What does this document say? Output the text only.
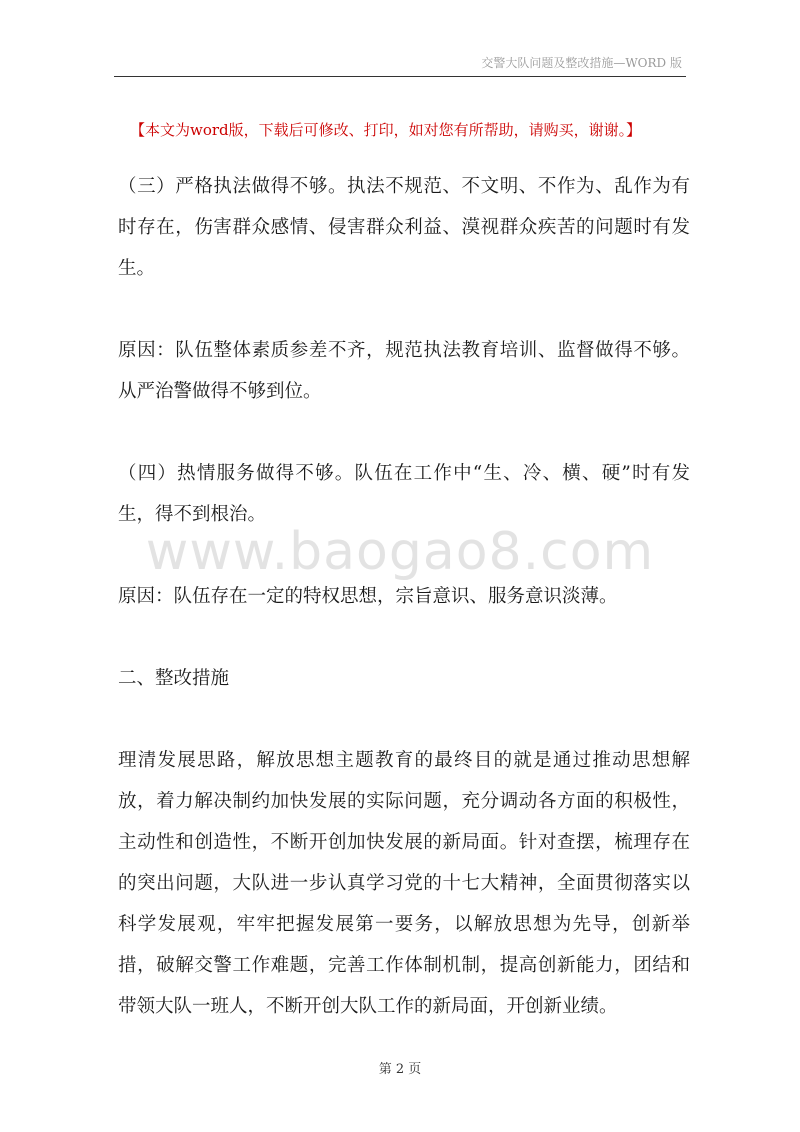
交警大队问题及整改措施—WORD 版
【本文为word版，下载后可修改、打印，如对您有所帮助，请购买，谢谢。】

（三）严格执法做得不够。执法不规范、不文明、不作为、乱作为有时存在，伤害群众感情、侵害群众利益、漠视群众疾苦的问题时有发生。

原因：队伍整体素质参差不齐，规范执法教育培训、监督做得不够。从严治警做得不够到位。

（四）热情服务做得不够。队伍在工作中“生、冷、横、硬”时有发生，得不到根治。

原因：队伍存在一定的特权思想，宗旨意识、服务意识淡薄。

二、整改措施

理清发展思路，解放思想主题教育的最终目的就是通过推动思想解放，着力解决制约加快发展的实际问题，充分调动各方面的积极性，主动性和创造性，不断开创加快发展的新局面。针对查摆，梳理存在的突出问题，大队进一步认真学习党的十七大精神，全面贯彻落实以科学发展观，牢牢把握发展第一要务，以解放思想为先导，创新举措，破解交警工作难题，完善工作体制机制，提高创新能力，团结和带领大队一班人，不断开创大队工作的新局面，开创新业绩。

www.baogao8.com
第 2 页
